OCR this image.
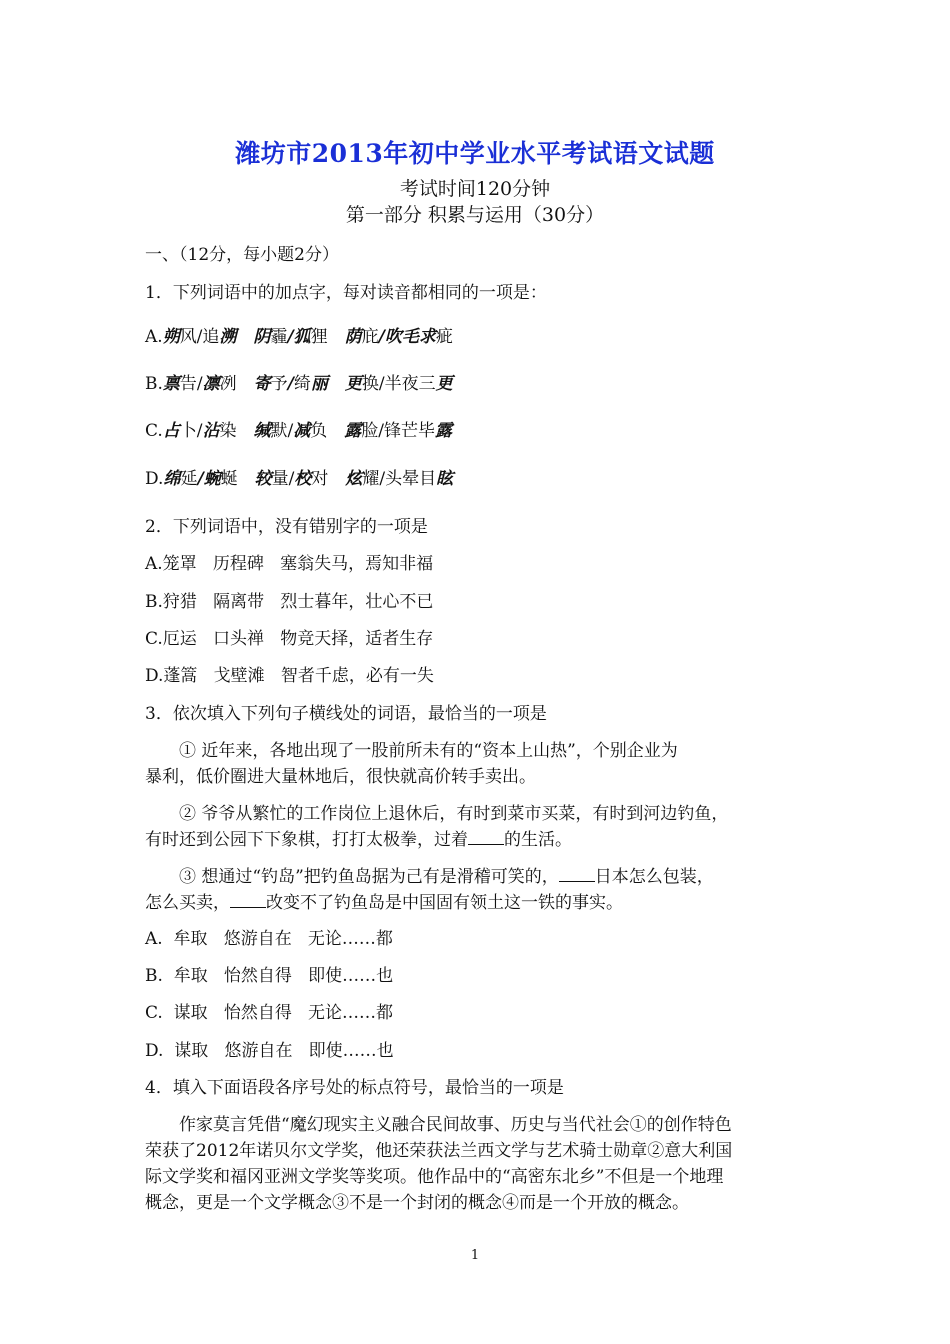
潍坊市2013年初中学业水平考试语文试题
考试时间120分钟
第一部分 积累与运用（30分）
一、（12分，每小题2分）
1．下列词语中的加点字，每对读音都相同的一项是：
A.朔风/追溯 阴霾/狐狸 荫庇/吹毛求疵
B.禀告/凛冽 寄予/绮丽 更换/半夜三更
C.占卜/沾染 缄默/减负 露脸/锋芒毕露
D.绵延/蜿蜒 较量/校对 炫耀/头晕目眩
2．下列词语中，没有错别字的一项是
A.笼罩   历程碑   塞翁失马，焉知非福
B.狩猎   隔离带   烈士暮年，壮心不已
C.厄运   口头禅   物竞天择，适者生存
D.蓬篙   戈壁滩   智者千虑，必有一失
3．依次填入下列句子横线处的词语，最恰当的一项是
① 近年来，各地出现了一股前所未有的“资本上山热”，个别企业为
暴利，低价圈进大量林地后，很快就高价转手卖出。
② 爷爷从繁忙的工作岗位上退休后，有时到菜市买菜，有时到河边钓鱼，
有时还到公园下下象棋，打打太极拳，过着 的生活。
③ 想通过“钓岛”把钓鱼岛据为己有是滑稽可笑的， 日本怎么包装，
怎么买卖， 改变不了钓鱼岛是中国固有领土这一铁的事实。
A.  牟取   悠游自在   无论……都
B.  牟取   怡然自得   即使……也
C.  谋取   怡然自得   无论……都
D.  谋取   悠游自在   即使……也
4．填入下面语段各序号处的标点符号，最恰当的一项是
作家莫言凭借“魔幻现实主义融合民间故事、历史与当代社会①的创作特色
荣获了2012年诺贝尔文学奖，他还荣获法兰西文学与艺术骑士勋章②意大利国
际文学奖和福冈亚洲文学奖等奖项。他作品中的“高密东北乡”不但是一个地理
概念，更是一个文学概念③不是一个封闭的概念④而是一个开放的概念。
1
